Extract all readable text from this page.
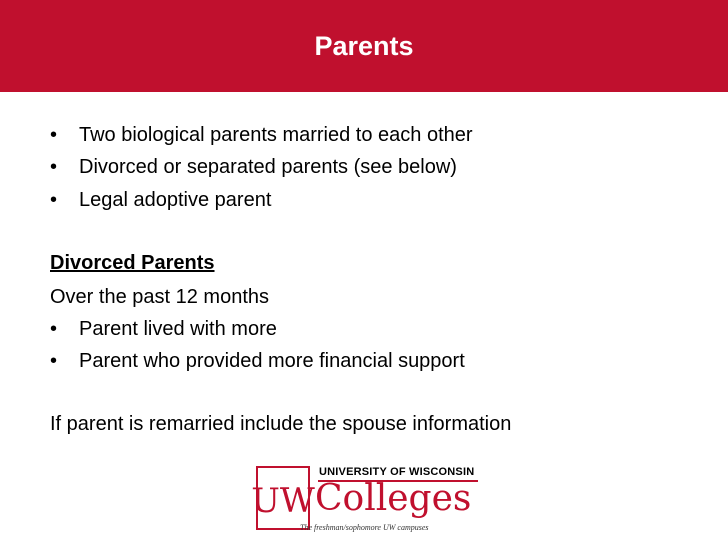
Parents
•	Two biological parents married to each other
•	Divorced or separated parents (see below)
•	Legal adoptive parent
Divorced Parents
Over the past 12 months
•	Parent lived with more
•	Parent who provided more financial support
If parent is remarried include the spouse information
UW
UNIVERSITY OF WISCONSIN
Colleges
The freshman/sophomore UW campuses
